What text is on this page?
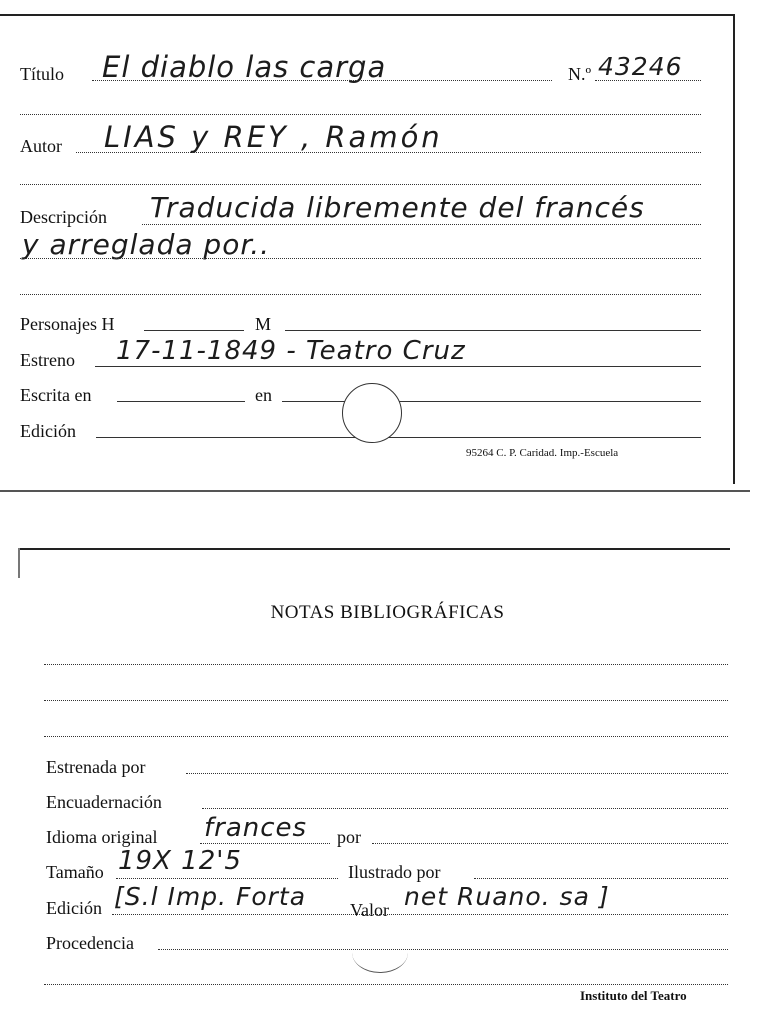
Título El diablo las carga	N.º 43246
Autor LIAS y REY , Ramón
Descripción Traducida libremente del francés
y arreglada por..
Personajes H	M
Estreno 17-11-1849 - Teatro Cruz
Escrita en	en
Edición
95264 C. P. Caridad. Imp.-Escuela
NOTAS BIBLIOGRÁFICAS
Estrenada por
Encuadernación
Idioma original frances por
Tamaño 19X 12'5	Ilustrado por
Edición [S.l Imp. Forta Valor net Ruano. sa ]
Procedencia
Instituto del Teatro
